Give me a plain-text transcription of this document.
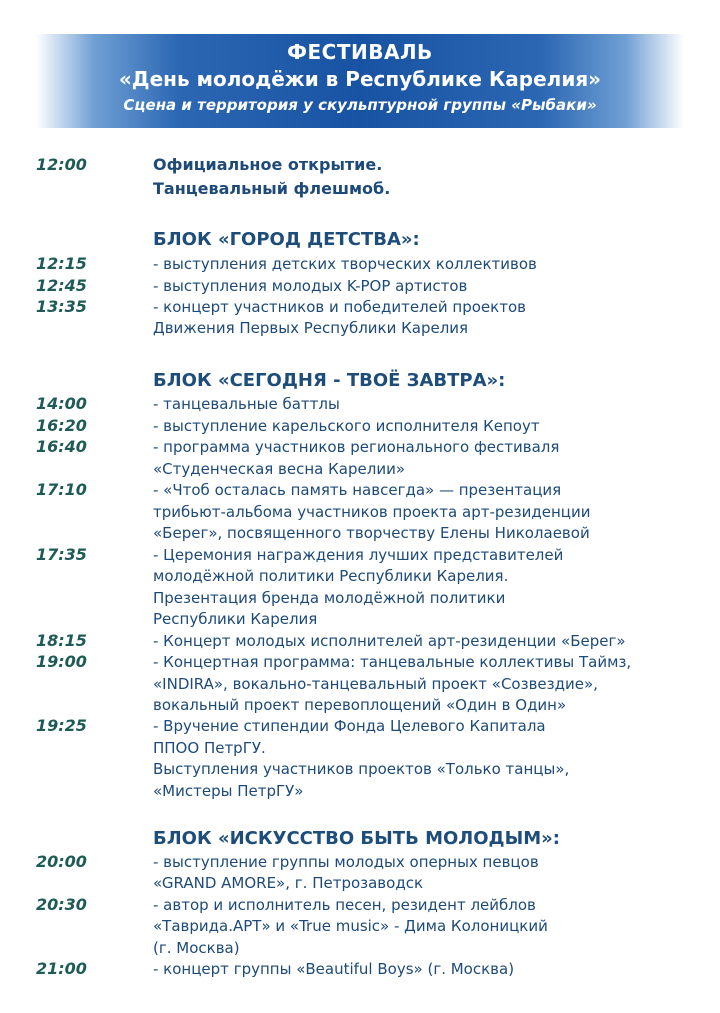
ФЕСТИВАЛЬ
«День молодёжи в Республике Карелия»
Сцена и территория у скульптурной группы «Рыбаки»
12:00	Официальное открытие.
Танцевальный флешмоб.
БЛОК «ГОРОД ДЕТСТВА»:
12:15
12:45
13:35
- выступления детских творческих коллективов
- выступления молодых K-POP артистов
- концерт участников и победителей проектов
Движения Первых Республики Карелия
БЛОК «СЕГОДНЯ - ТВОЁ ЗАВТРА»:
14:00
16:20
16:40
17:10
17:35
18:15
19:00
19:25
- танцевальные баттлы
- выступление карельского исполнителя Кепоут
- программа участников регионального фестиваля
«Студенческая весна Карелии»
- «Чтоб осталась память навсегда» — презентация
трибьют-альбома участников проекта арт-резиденции
«Берег», посвященного творчеству Елены Николаевой
- Церемония награждения лучших представителей
молодёжной политики Республики Карелия.
Презентация бренда молодёжной политики
Республики Карелия
- Концерт молодых исполнителей арт-резиденции «Берег»
- Концертная программа: танцевальные коллективы Таймз,
«INDIRA», вокально-танцевальный проект «Созвездие»,
вокальный проект перевоплощений «Один в Один»
- Вручение стипендии Фонда Целевого Капитала
ППОО ПетрГУ.
Выступления участников проектов «Только танцы»,
«Мистеры ПетрГУ»
БЛОК «ИСКУССТВО БЫТЬ МОЛОДЫМ»:
20:00
20:30
21:00
- выступление группы молодых оперных певцов
«GRAND AMORE», г. Петрозаводск
- автор и исполнитель песен, резидент лейблов
«Таврида.АРТ» и «True music» - Дима Колоницкий
(г. Москва)
- концерт группы «Beautiful Boys» (г. Москва)
